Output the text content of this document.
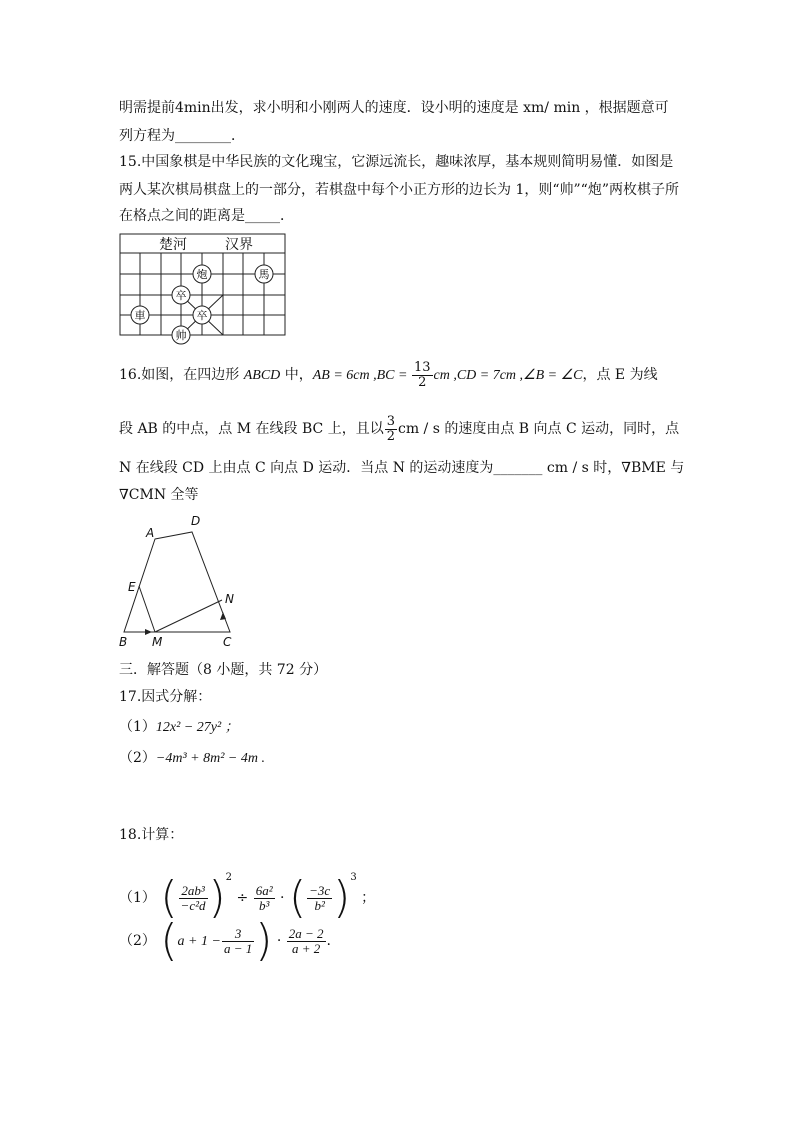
明需提前4min出发，求小明和小刚两人的速度．设小明的速度是 xm/ min ，根据题意可
列方程为________．
15.中国象棋是中华民族的文化瑰宝，它源远流长，趣味浓厚，基本规则简明易懂．如图是
两人某次棋局棋盘上的一部分，若棋盘中每个小正方形的边长为 1，则“帅”“炮”两枚棋子所
在格点之间的距离是_____．
楚河	汉界
炮	馬
卒
車	卒
帅
16.如图，在四边形 ABCD 中，AB = 6cm $,BC = \frac{13}{2}$ cm ,CD = 7cm ,∠B = ∠C，点 E 为线
段 AB 的中点，点 M 在线段 BC 上，且以 $\frac{3}{2}$ cm / s 的速度由点 B 向点 C 运动，同时，点
N 在线段 CD 上由点 C 向点 D 运动．当点 N 的运动速度为_______ cm / s 时，∇BME 与
∇CMN 全等
A
D
E
N
B M	C
三．解答题（8 小题，共 72 分）
17.因式分解：
（1）12x² − 27y² ；
（2）−4m³ + 8m² − 4m .
18.计算：
（1） ( $\frac{\text{2ab³}}{\text{−c²d}} )^2 \div \frac{\text{6a²}}{\text{b³}}$ · ( $\frac{-3c}{\text{b²}} )^3$ ；
（2） ($a + 1 - \frac{3}{a - 1}$ ) · $\frac{2a - 2}{a + 2}$ .
